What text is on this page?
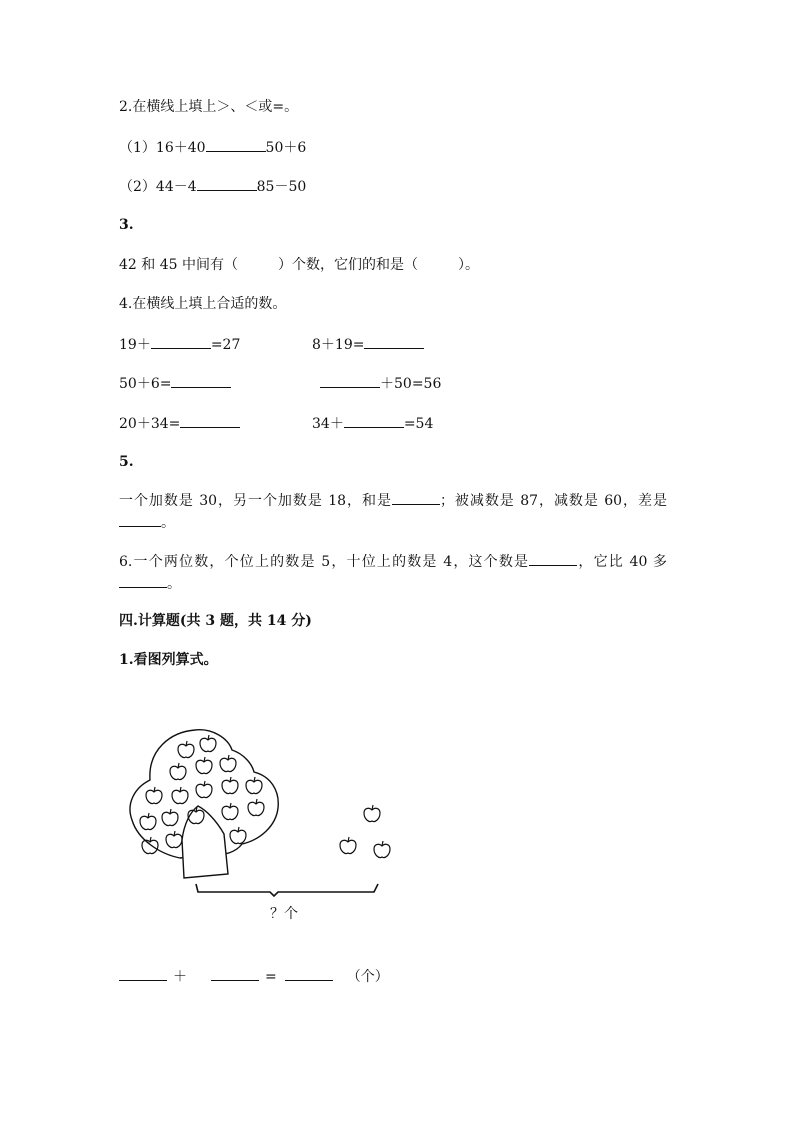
2.在横线上填上＞、＜或=。
（1）16＋40	50＋6
（2）44－4	85－50
3.
42 和 45 中间有（	）个数，它们的和是（	）。
4.在横线上填上合适的数。
19＋	=27	8＋19=
50＋6=	＋50=56
20＋34=	34＋	=54
5.
一个加数是 30，另一个加数是 18，和是	；被减数是 87，减数是 60，差是。
6.一个两位数，个位上的数是 5，十位上的数是 4，这个数是	，它比 40 多。
四.计算题(共 3 题，共 14 分)
1.看图列算式。
？个
＋	=	（个）
